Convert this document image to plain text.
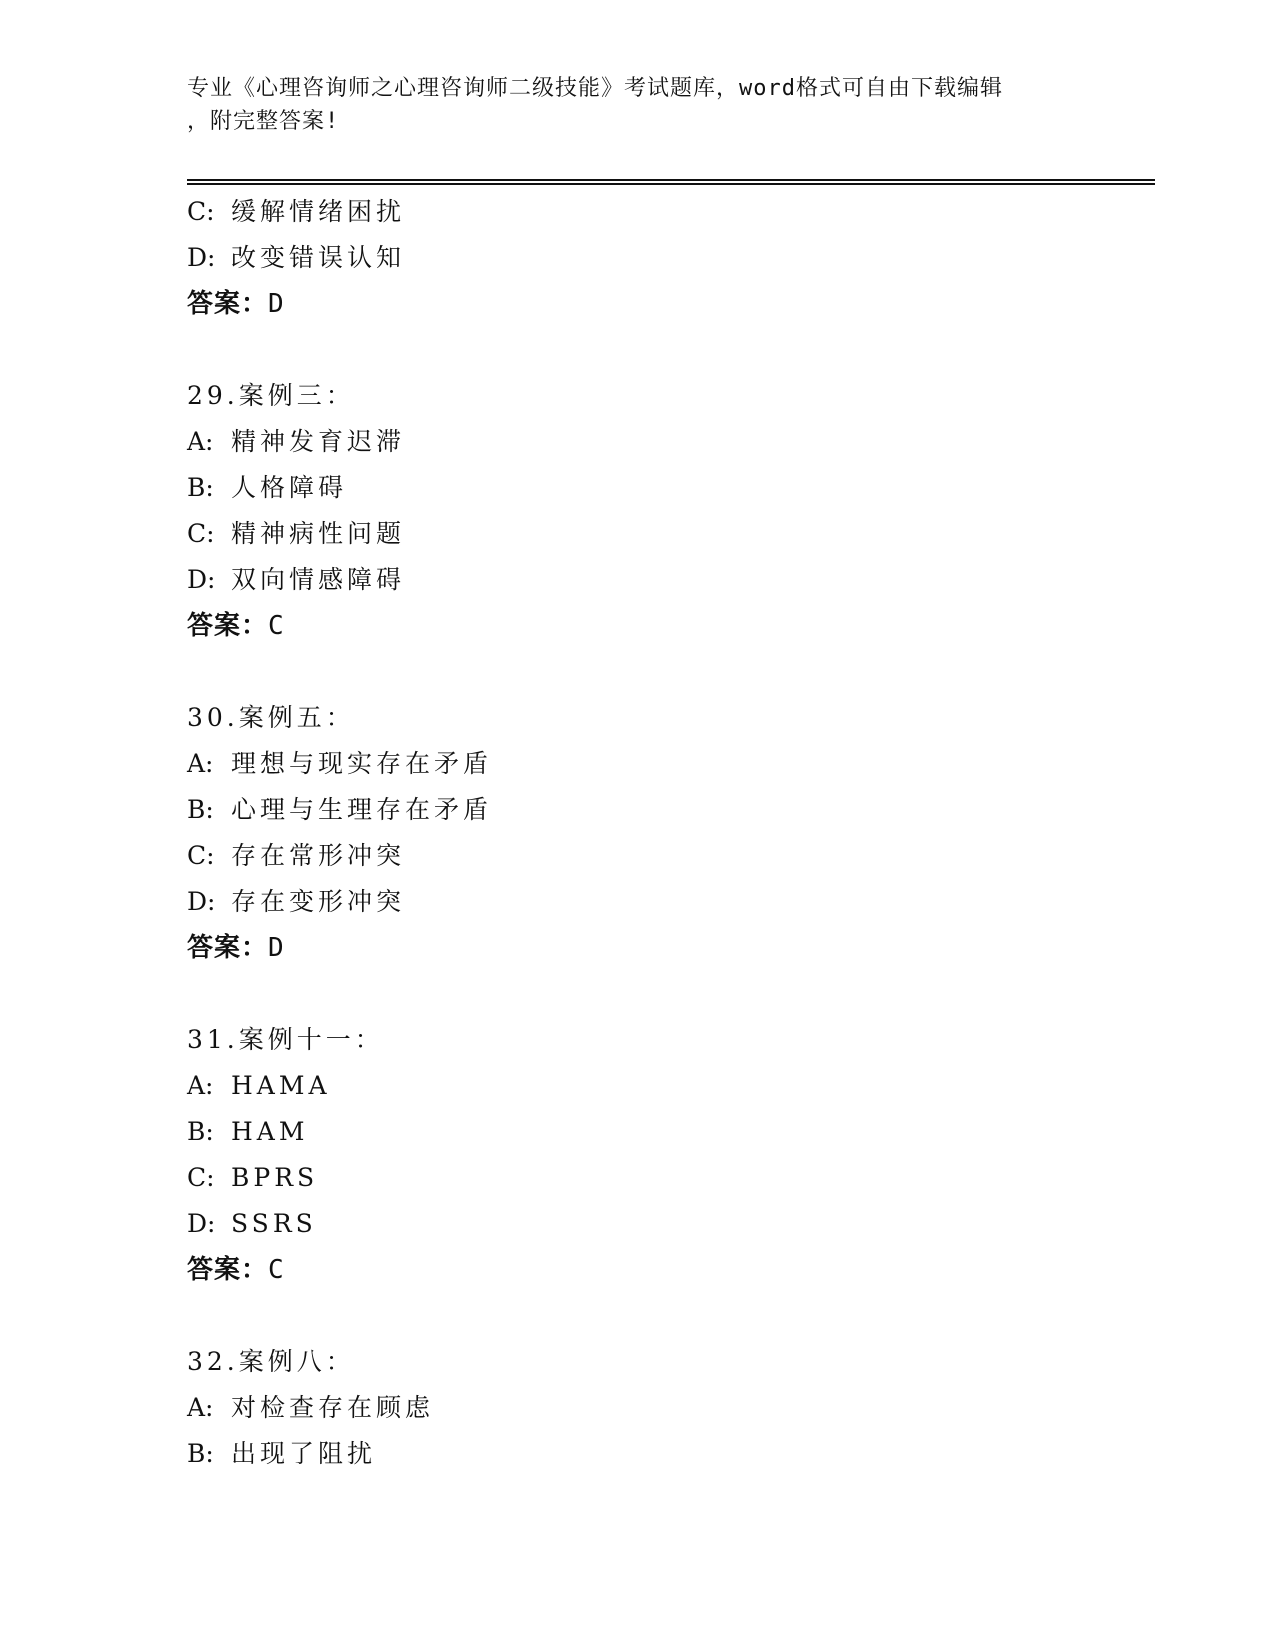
专业《心理咨询师之心理咨询师二级技能》考试题库，word格式可自由下载编辑
，附完整答案!
C: 缓解情绪困扰
D: 改变错误认知
答案：D
29.案例三：
A: 精神发育迟滞
B: 人格障碍
C: 精神病性问题
D: 双向情感障碍
答案：C
30.案例五：
A: 理想与现实存在矛盾
B: 心理与生理存在矛盾
C: 存在常形冲突
D: 存在变形冲突
答案：D
31.案例十一：
A: HAMA
B: HAM
C: BPRS
D: SSRS
答案：C
32.案例八：
A: 对检查存在顾虑
B: 出现了阻扰
